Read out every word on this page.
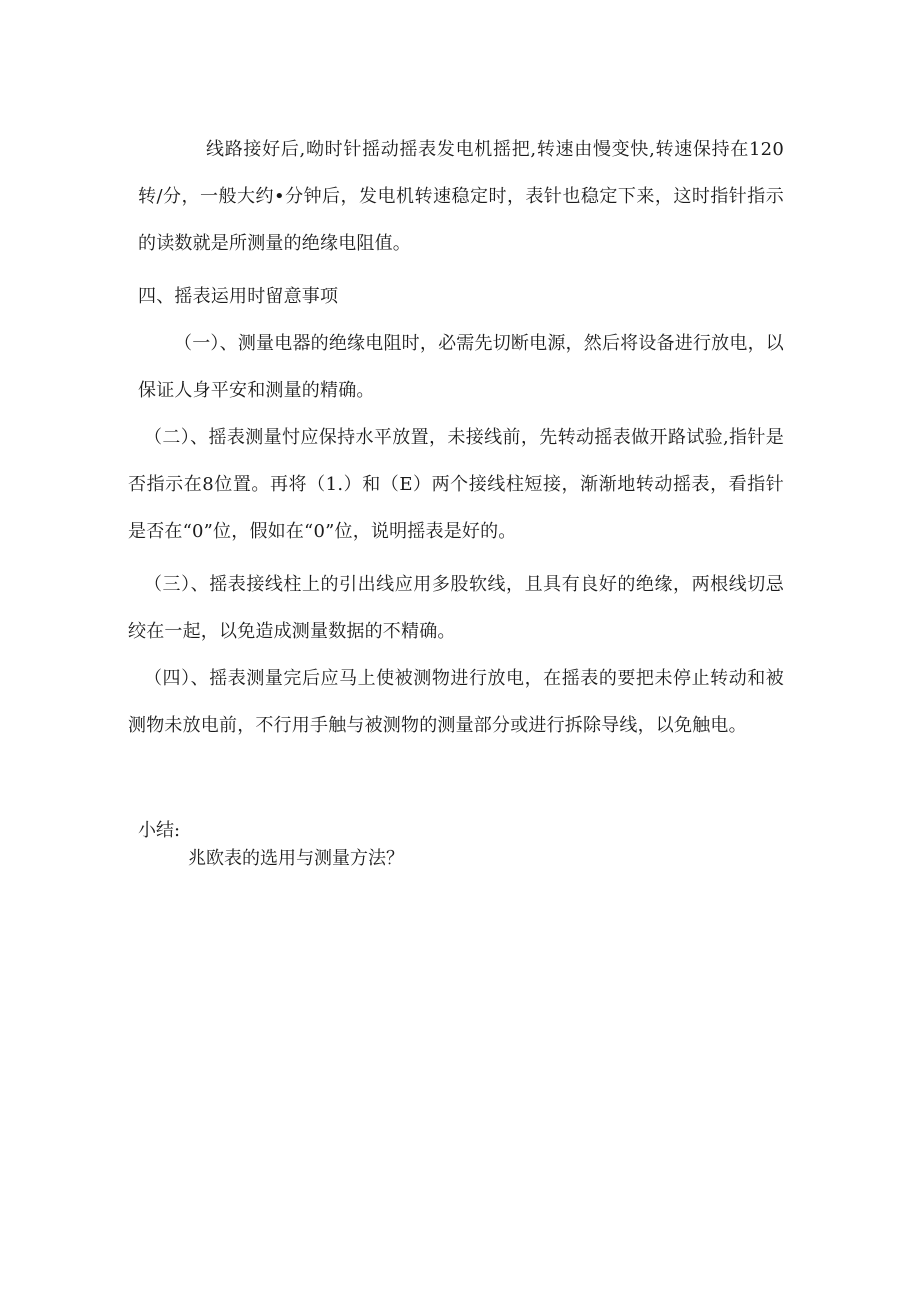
线路接好后,呦时针摇动摇表发电机摇把,转速由慢变快,转速保持在120转/分，一般大约•分钟后，发电机转速稳定时，表针也稳定下来，这时指针指示的读数就是所测量的绝缘电阻值。

四、摇表运用时留意事项

（一）、测量电器的绝缘电阻时，必需先切断电源，然后将设备进行放电，以保证人身平安和测量的精确。

（二）、摇表测量忖应保持水平放置，未接线前，先转动摇表做开路试验,指针是否指示在8位置。再将（1.）和（E）两个接线柱短接，渐渐地转动摇表，看指针是否在“0”位，假如在“0”位，说明摇表是好的。

（三）、摇表接线柱上的引出线应用多股软线，且具有良好的绝缘，两根线切忌绞在一起，以免造成测量数据的不精确。

（四）、摇表测量完后应马上使被测物进行放电，在摇表的要把未停止转动和被测物未放电前，不行用手触与被测物的测量部分或进行拆除导线，以免触电。

小结:

兆欧表的选用与测量方法？
